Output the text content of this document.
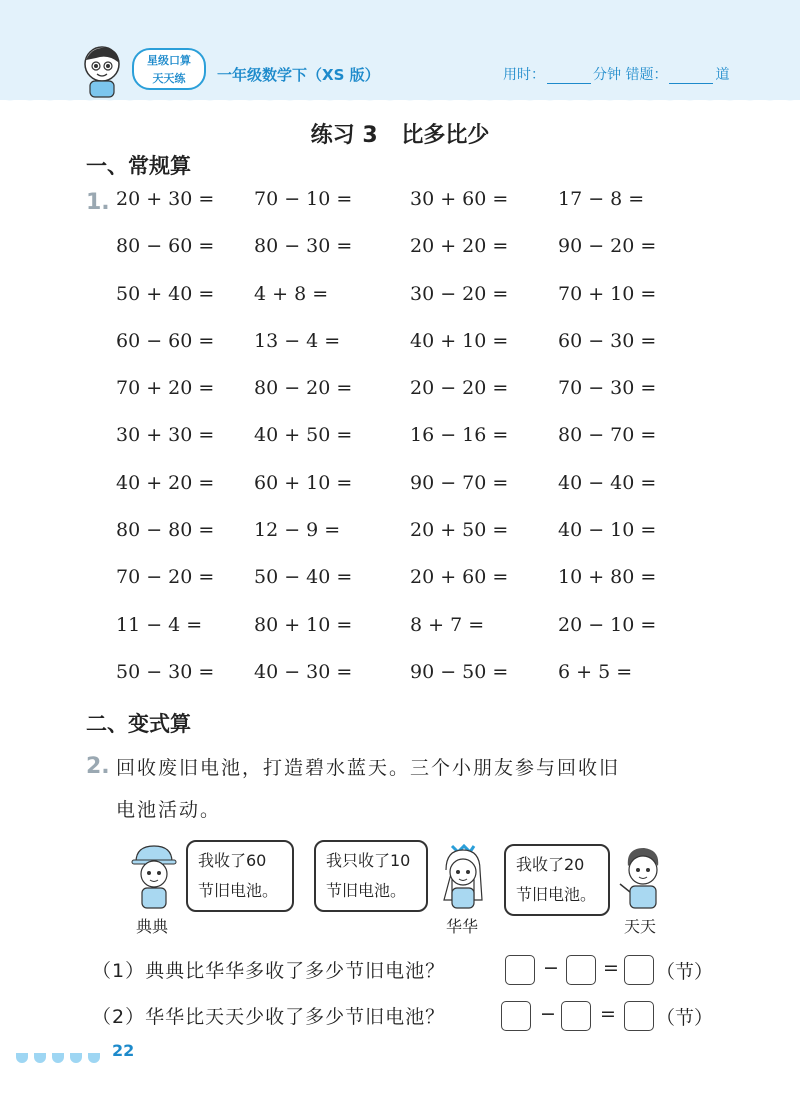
星级口算
天天练	一年级数学下（XS 版）	用时：	分钟 错题：	道
练习 3 比多比少
一、常规算
1. 20 + 30 = 70 − 10 =	30 + 60 =	17 − 8 =
80 − 60 = 80 − 30 =	20 + 20 =	90 − 20 =
50 + 40 = 4 + 8 =	30 − 20 =	70 + 10 =
60 − 60 = 13 − 4 =	40 + 10 =	60 − 30 =
70 + 20 = 80 − 20 =	20 − 20 =	70 − 30 =
30 + 30 = 40 + 50 =	16 − 16 =	80 − 70 =
40 + 20 = 60 + 10 =	90 − 70 =	40 − 40 =
80 − 80 = 12 − 9 =	20 + 50 =	40 − 10 =
70 − 20 = 50 − 40 =	20 + 60 =	10 + 80 =
11 − 4 =	80 + 10 =	8 + 7 =	20 − 10 =
50 − 30 = 40 − 30 =	90 − 50 =	6 + 5 =
二、变式算
2. 回收废旧电池，打造碧水蓝天。三个小朋友参与回收旧
电池活动。
我收了60
节旧电池。
典典
我只收了10
节旧电池。
华华
我收了20
节旧电池。
天天
（1）典典比华华多收了多少节旧电池？	− = （节）
（2）华华比天天少收了多少节旧电池？	− = （节）
22
